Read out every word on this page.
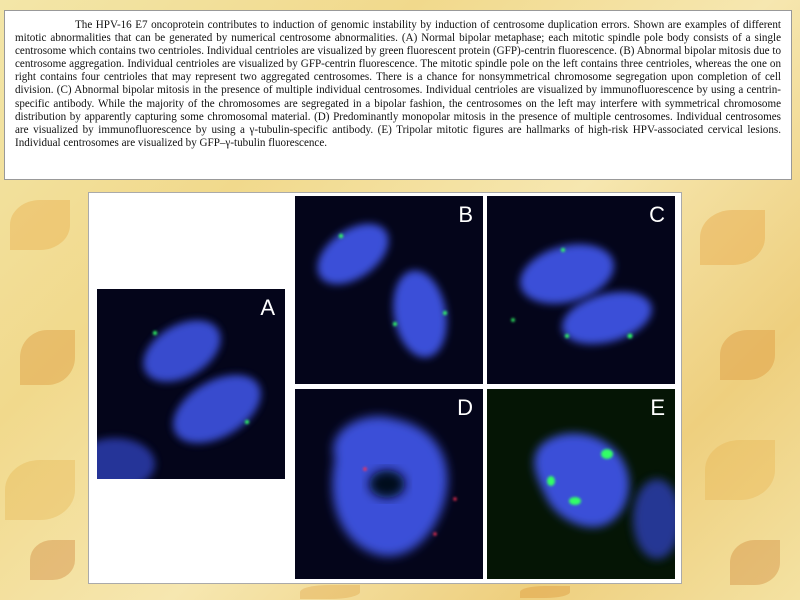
The HPV-16 E7 oncoprotein contributes to induction of genomic instability by induction of centrosome duplication errors. Shown are examples of different mitotic abnormalities that can be generated by numerical centrosome abnormalities. (A) Normal bipolar metaphase; each mitotic spindle pole body consists of a single centrosome which contains two centrioles. Individual centrioles are visualized by green fluorescent protein (GFP)-centrin fluorescence. (B) Abnormal bipolar mitosis due to centrosome aggregation. Individual centrioles are visualized by GFP-centrin fluorescence. The mitotic spindle pole on the left contains three centrioles, whereas the one on right contains four centrioles that may represent two aggregated centrosomes. There is a chance for nonsymmetrical chromosome segregation upon completion of cell division. (C) Abnormal bipolar mitosis in the presence of multiple individual centrosomes. Individual centrioles are visualized by immunofluorescence by using a centrin-specific antibody. While the majority of the chromosomes are segregated in a bipolar fashion, the centrosomes on the left may interfere with symmetrical chromosome distribution by apparently capturing some chromosomal material. (D) Predominantly monopolar mitosis in the presence of multiple centrosomes. Individual centrosomes are visualized by immunofluorescence by using a γ-tubulin-specific antibody. (E) Tripolar mitotic figures are hallmarks of high-risk HPV-associated cervical lesions. Individual centrosomes are visualized by GFP–γ-tubulin fluorescence.

A
B	C
D	E
